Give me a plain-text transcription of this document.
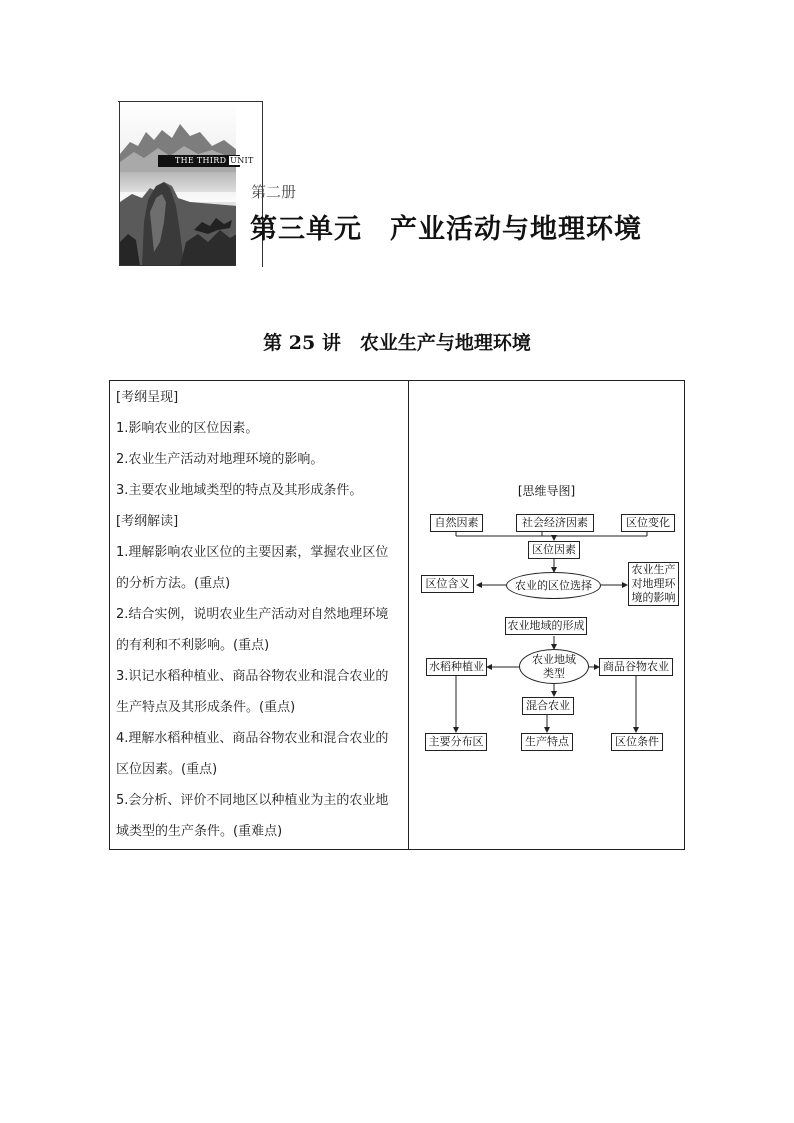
THE THIRD UNIT
第二册
第三单元　产业活动与地理环境
第 25 讲　农业生产与地理环境
[考纲呈现]
1.影响农业的区位因素。
2.农业生产活动对地理环境的影响。
3.主要农业地域类型的特点及其形成条件。
[考纲解读]
1.理解影响农业区位的主要因素，掌握农业区位
的分析方法。(重点)
2.结合实例，说明农业生产活动对自然地理环境
的有利和不利影响。(重点)
3.识记水稻种植业、商品谷物农业和混合农业的
生产特点及其形成条件。(重点)
4.理解水稻种植业、商品谷物农业和混合农业的
区位因素。(重点)
5.会分析、评价不同地区以种植业为主的农业地
域类型的生产条件。(重难点)
[思维导图]
自然因素	社会经济因素	区位变化
区位因素
区位含义	农业的区位选择
农业生产对地理环境的影响
农业地域的形成
水稻种植业
农业地域类型	商品谷物农业
混合农业
主要分布区	生产特点	区位条件
